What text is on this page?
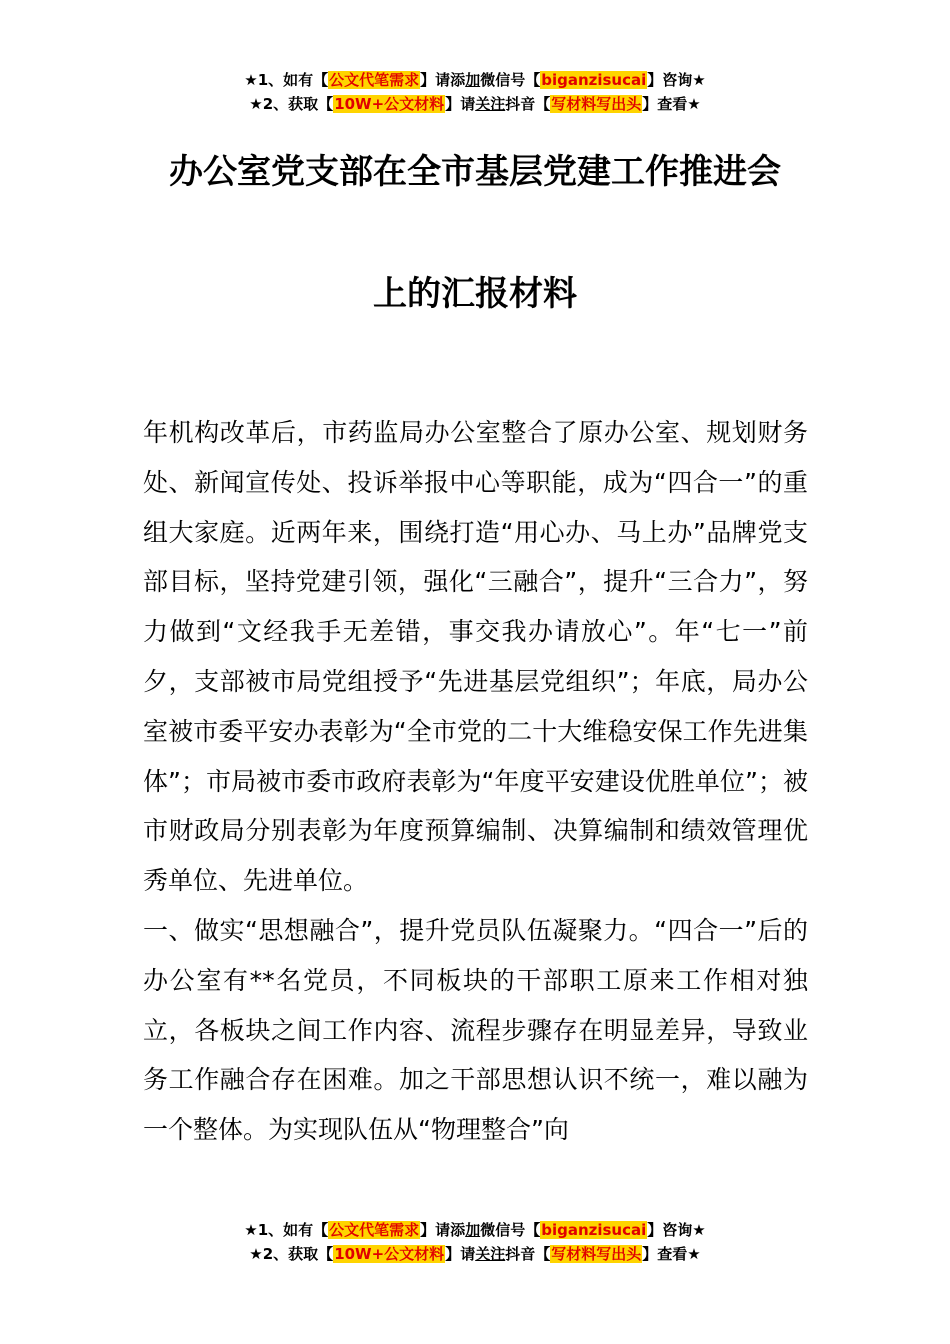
★1、如有【公文代笔需求】请添加微信号【biganzisucai】咨询★
★2、获取【10W+公文材料】请关注抖音【写材料写出头】查看★
办公室党支部在全市基层党建工作推进会
上的汇报材料

年机构改革后，市药监局办公室整合了原办公室、规划财务处、新闻宣传处、投诉举报中心等职能，成为“四合一”的重组大家庭。近两年来，围绕打造“用心办、马上办”品牌党支部目标，坚持党建引领，强化“三融合”，提升“三合力”，努力做到“文经我手无差错，事交我办请放心”。年“七一”前夕，支部被市局党组授予“先进基层党组织”；年底，局办公室被市委平安办表彰为“全市党的二十大维稳安保工作先进集体”；市局被市委市政府表彰为“年度平安建设优胜单位”；被市财政局分别表彰为年度预算编制、决算编制和绩效管理优秀单位、先进单位。

一、做实“思想融合”，提升党员队伍凝聚力。“四合一”后的办公室有**名党员，不同板块的干部职工原来工作相对独立，各板块之间工作内容、流程步骤存在明显差异，导致业务工作融合存在困难。加之干部思想认识不统一，难以融为一个整体。为实现队伍从“物理整合”向

★1、如有【公文代笔需求】请添加微信号【biganzisucai】咨询★
★2、获取【10W+公文材料】请关注抖音【写材料写出头】查看★
